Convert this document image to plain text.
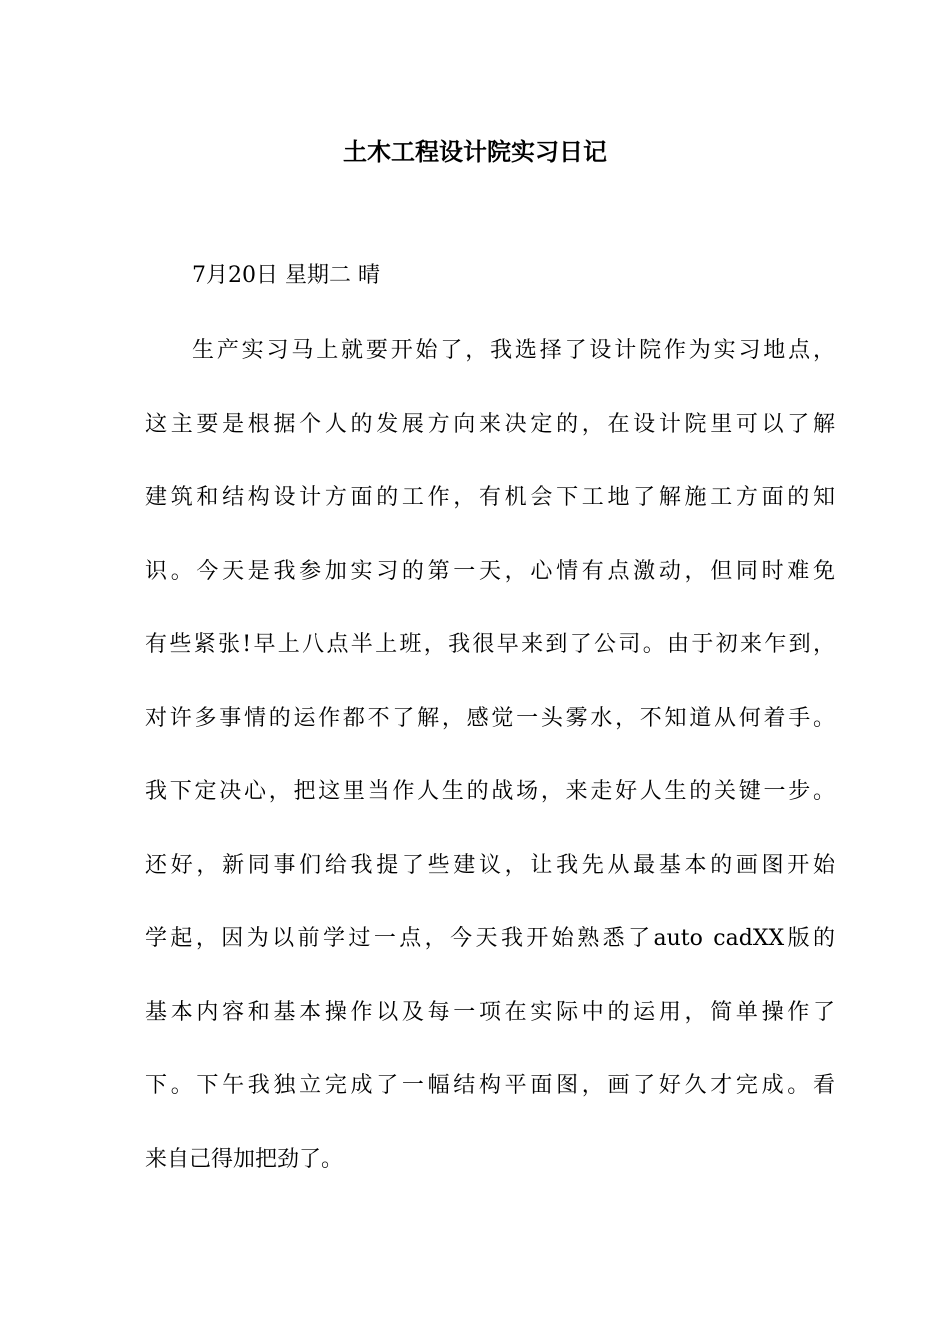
土木工程设计院实习日记
7月20日 星期二 晴
生产实习马上就要开始了，我选择了设计院作为实习地点，
这主要是根据个人的发展方向来决定的，在设计院里可以了解
建筑和结构设计方面的工作，有机会下工地了解施工方面的知
识。今天是我参加实习的第一天，心情有点激动，但同时难免
有些紧张!早上八点半上班，我很早来到了公司。由于初来乍到，
对许多事情的运作都不了解，感觉一头雾水，不知道从何着手。
我下定决心，把这里当作人生的战场，来走好人生的关键一步。
还好，新同事们给我提了些建议，让我先从最基本的画图开始
学起，因为以前学过一点，今天我开始熟悉了auto cadXX版的
基本内容和基本操作以及每一项在实际中的运用，简单操作了
下。下午我独立完成了一幅结构平面图，画了好久才完成。看
来自己得加把劲了。
